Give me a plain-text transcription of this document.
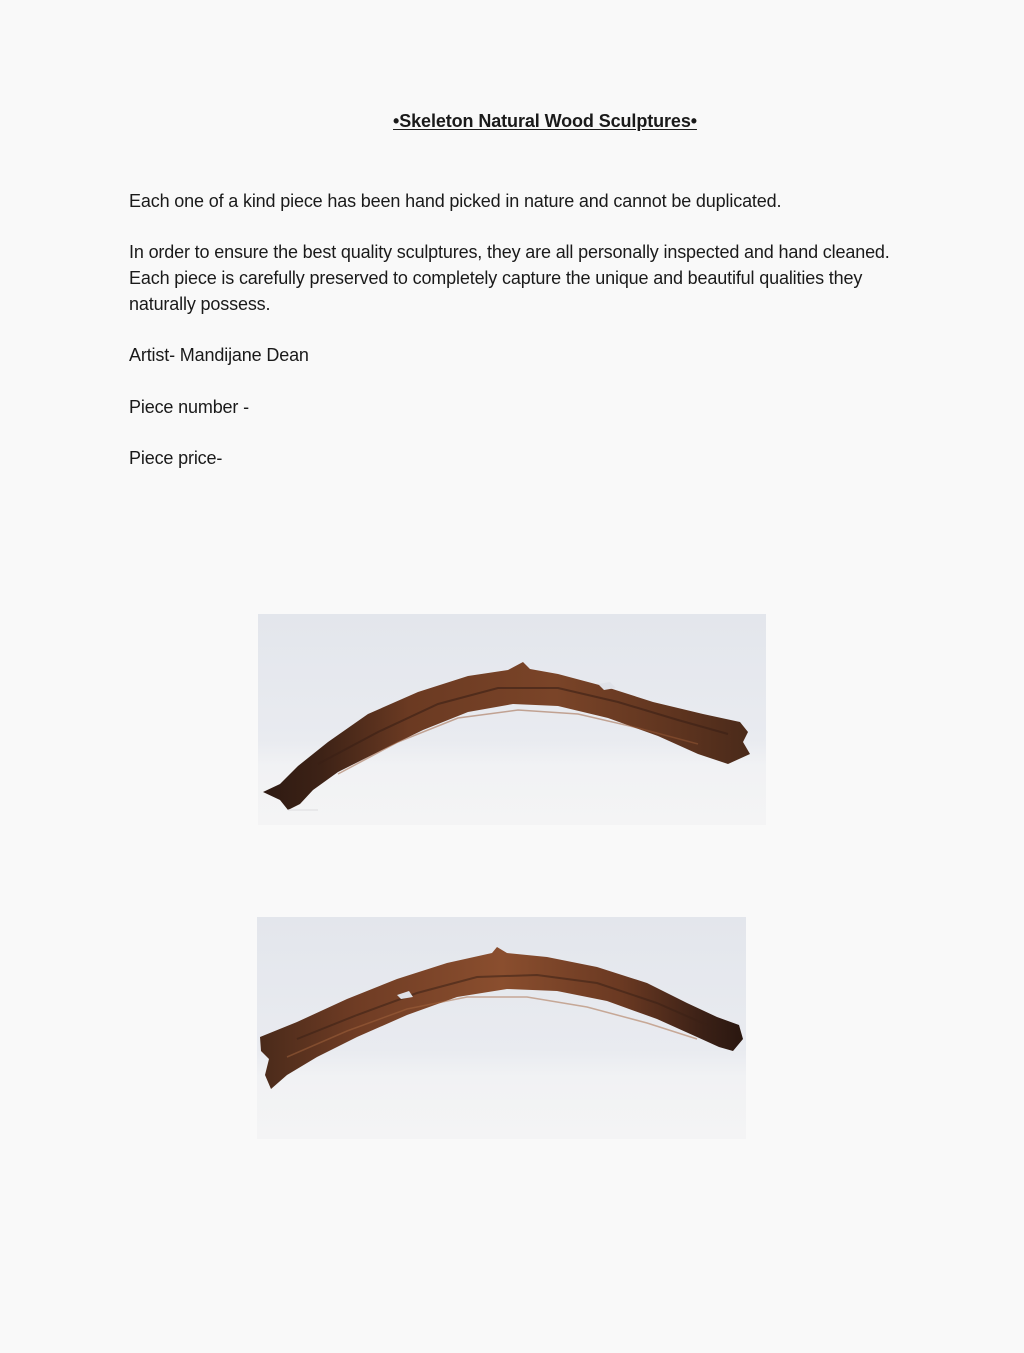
•Skeleton Natural Wood Sculptures•

Each one of a kind piece has been hand picked in nature and cannot be duplicated.

In order to ensure the best quality sculptures, they are all personally inspected and hand cleaned. Each piece is carefully preserved to completely capture the unique and beautiful qualities they naturally possess.

Artist- Mandijane Dean

Piece number -

Piece price-
